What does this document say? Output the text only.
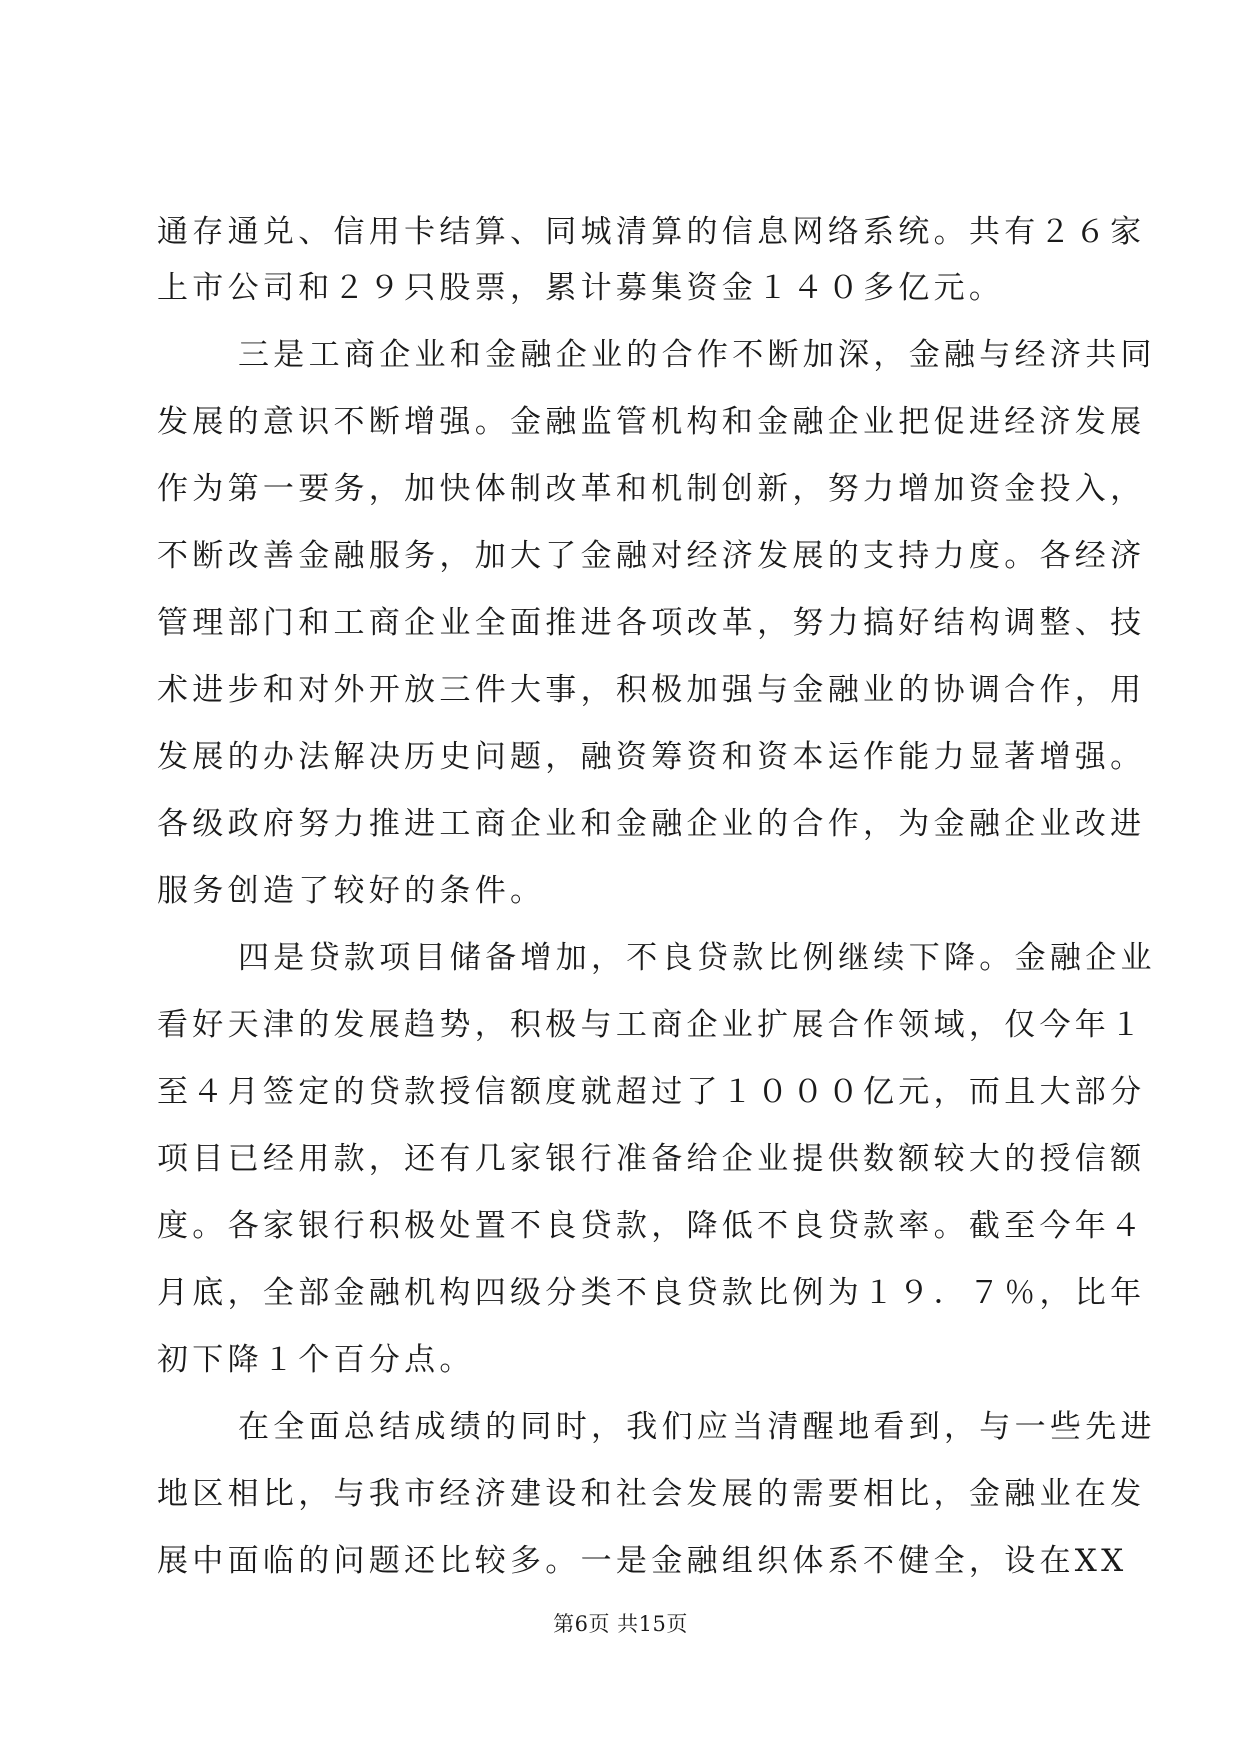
通存通兑、信用卡结算、同城清算的信息网络系统。共有２６家
上市公司和２９只股票，累计募集资金１４０多亿元。
三是工商企业和金融企业的合作不断加深，金融与经济共同
发展的意识不断增强。金融监管机构和金融企业把促进经济发展
作为第一要务，加快体制改革和机制创新，努力增加资金投入，
不断改善金融服务，加大了金融对经济发展的支持力度。各经济
管理部门和工商企业全面推进各项改革，努力搞好结构调整、技
术进步和对外开放三件大事，积极加强与金融业的协调合作，用
发展的办法解决历史问题，融资筹资和资本运作能力显著增强。
各级政府努力推进工商企业和金融企业的合作，为金融企业改进
服务创造了较好的条件。
四是贷款项目储备增加，不良贷款比例继续下降。金融企业
看好天津的发展趋势，积极与工商企业扩展合作领域，仅今年１
至４月签定的贷款授信额度就超过了１０００亿元，而且大部分
项目已经用款，还有几家银行准备给企业提供数额较大的授信额
度。各家银行积极处置不良贷款，降低不良贷款率。截至今年４
月底，全部金融机构四级分类不良贷款比例为１９．７％，比年
初下降１个百分点。
在全面总结成绩的同时，我们应当清醒地看到，与一些先进
地区相比，与我市经济建设和社会发展的需要相比，金融业在发
展中面临的问题还比较多。一是金融组织体系不健全，设在XX
第6页 共15页
